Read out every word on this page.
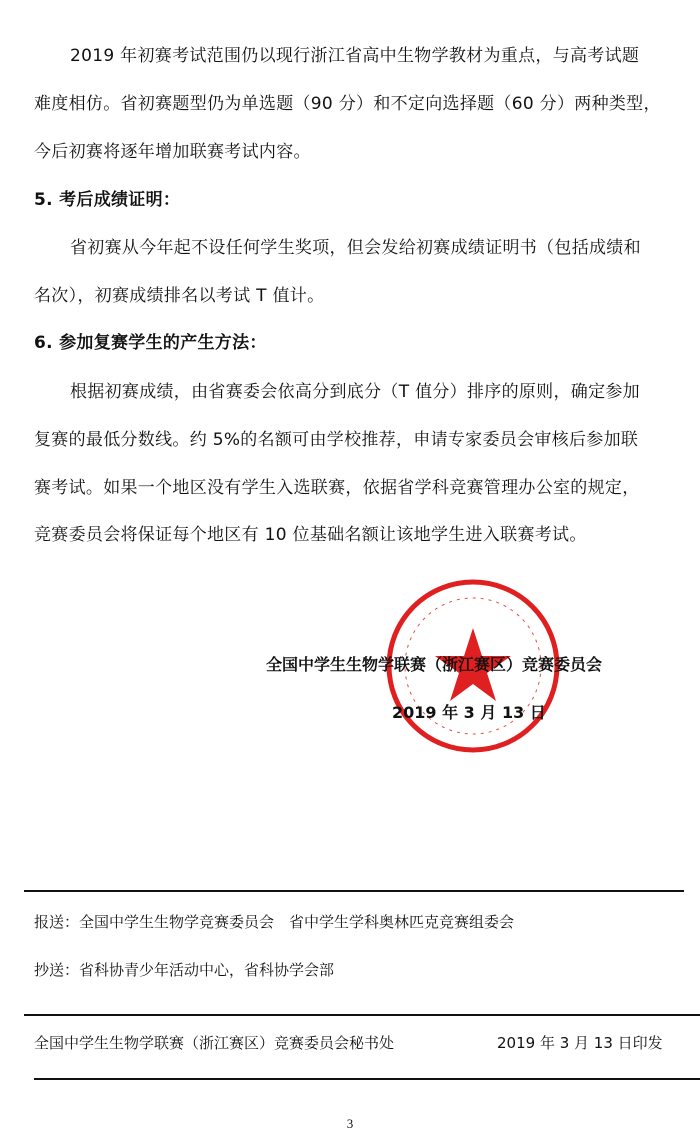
2019 年初赛考试范围仍以现行浙江省高中生物学教材为重点，与高考试题
难度相仿。省初赛题型仍为单选题（90 分）和不定向选择题（60 分）两种类型，
今后初赛将逐年增加联赛考试内容。
5. 考后成绩证明：
省初赛从今年起不设任何学生奖项，但会发给初赛成绩证明书（包括成绩和
名次），初赛成绩排名以考试 T 值计。
6. 参加复赛学生的产生方法：
根据初赛成绩，由省赛委会依高分到底分（T 值分）排序的原则，确定参加
复赛的最低分数线。约 5%的名额可由学校推荐，申请专家委员会审核后参加联
赛考试。如果一个地区没有学生入选联赛，依据省学科竞赛管理办公室的规定，
竞赛委员会将保证每个地区有 10 位基础名额让该地学生进入联赛考试。
全国中学生生物学联赛（浙江赛区）竞赛委员会
2019 年 3 月 13 日
报送：全国中学生生物学竞赛委员会　省中学生学科奥林匹克竞赛组委会
抄送：省科协青少年活动中心，省科协学会部
全国中学生生物学联赛（浙江赛区）竞赛委员会秘书处	2019 年 3 月 13 日印发
3
